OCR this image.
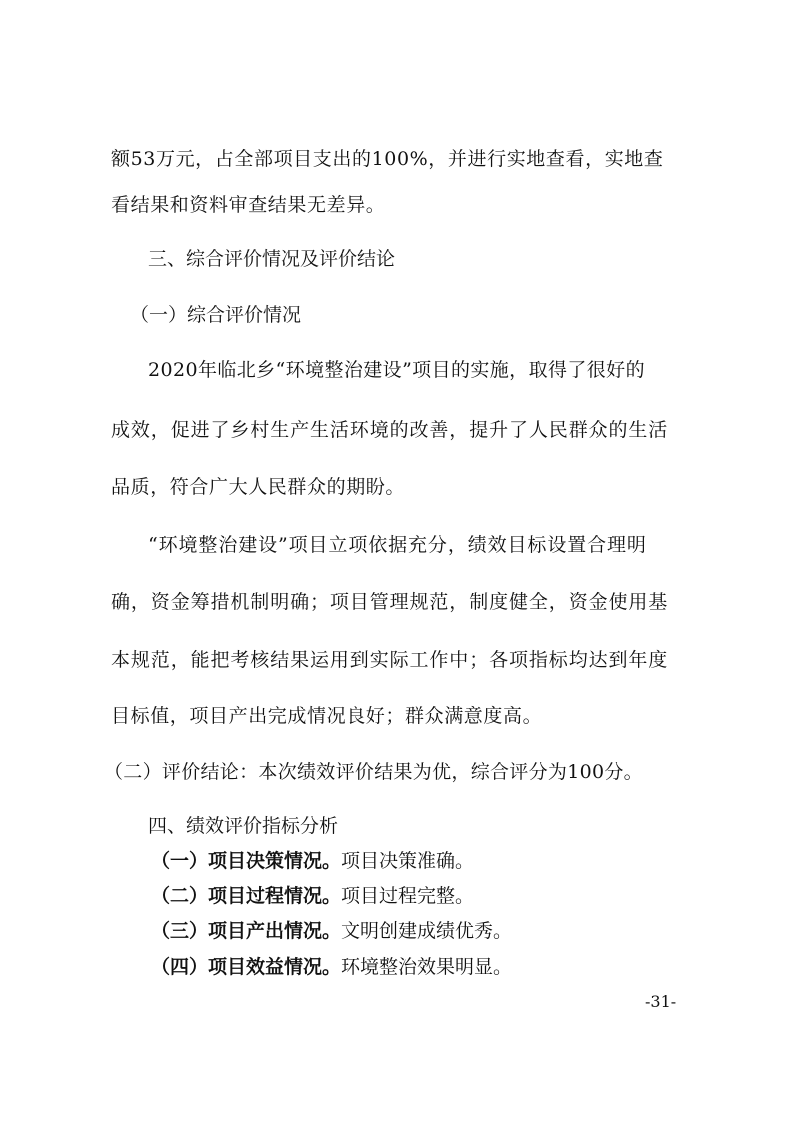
额53万元，占全部项目支出的100%，并进行实地查看，实地查
看结果和资料审查结果无差异。
三、综合评价情况及评价结论
（一）综合评价情况
2020年临北乡“环境整治建设”项目的实施，取得了很好的
成效，促进了乡村生产生活环境的改善，提升了人民群众的生活
品质，符合广大人民群众的期盼。
“环境整治建设”项目立项依据充分，绩效目标设置合理明
确，资金筹措机制明确；项目管理规范，制度健全，资金使用基
本规范，能把考核结果运用到实际工作中；各项指标均达到年度
目标值，项目产出完成情况良好；群众满意度高。
（二）评价结论：本次绩效评价结果为优，综合评分为100分。
四、绩效评价指标分析
（一）项目决策情况。项目决策准确。
（二）项目过程情况。项目过程完整。
（三）项目产出情况。文明创建成绩优秀。
（四）项目效益情况。环境整治效果明显。
-31-
